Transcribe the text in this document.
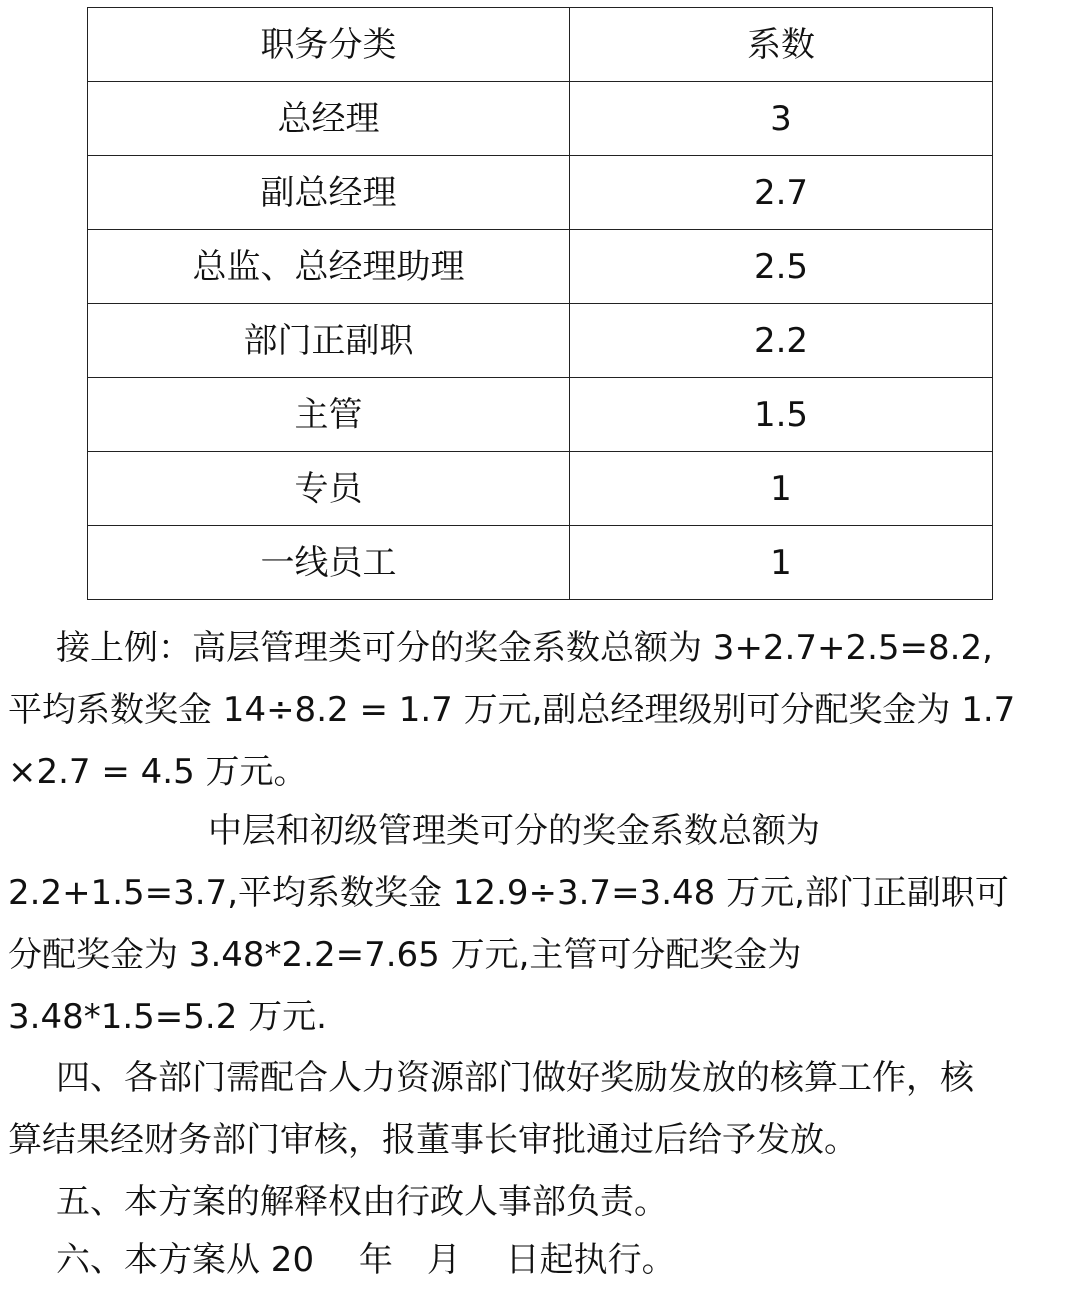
职务分类	系数
总经理	3
副总经理	2.7
总监、总经理助理	2.5
部门正副职	2.2
主管	1.5
专员	1
一线员工	1
接上例：高层管理类可分的奖金系数总额为 3+2.7+2.5=8.2,
平均系数奖金 14÷8.2 = 1.7 万元,副总经理级别可分配奖金为 1.7
×2.7 = 4.5 万元。
中层和初级管理类可分的奖金系数总额为
2.2+1.5=3.7,平均系数奖金 12.9÷3.7=3.48 万元,部门正副职可
分配奖金为 3.48*2.2=7.65 万元,主管可分配奖金为
3.48*1.5=5.2 万元.
四、各部门需配合人力资源部门做好奖励发放的核算工作，核
算结果经财务部门审核，报董事长审批通过后给予发放。
五、本方案的解释权由行政人事部负责。
六、本方案从 20　 年　月　 日起执行。
